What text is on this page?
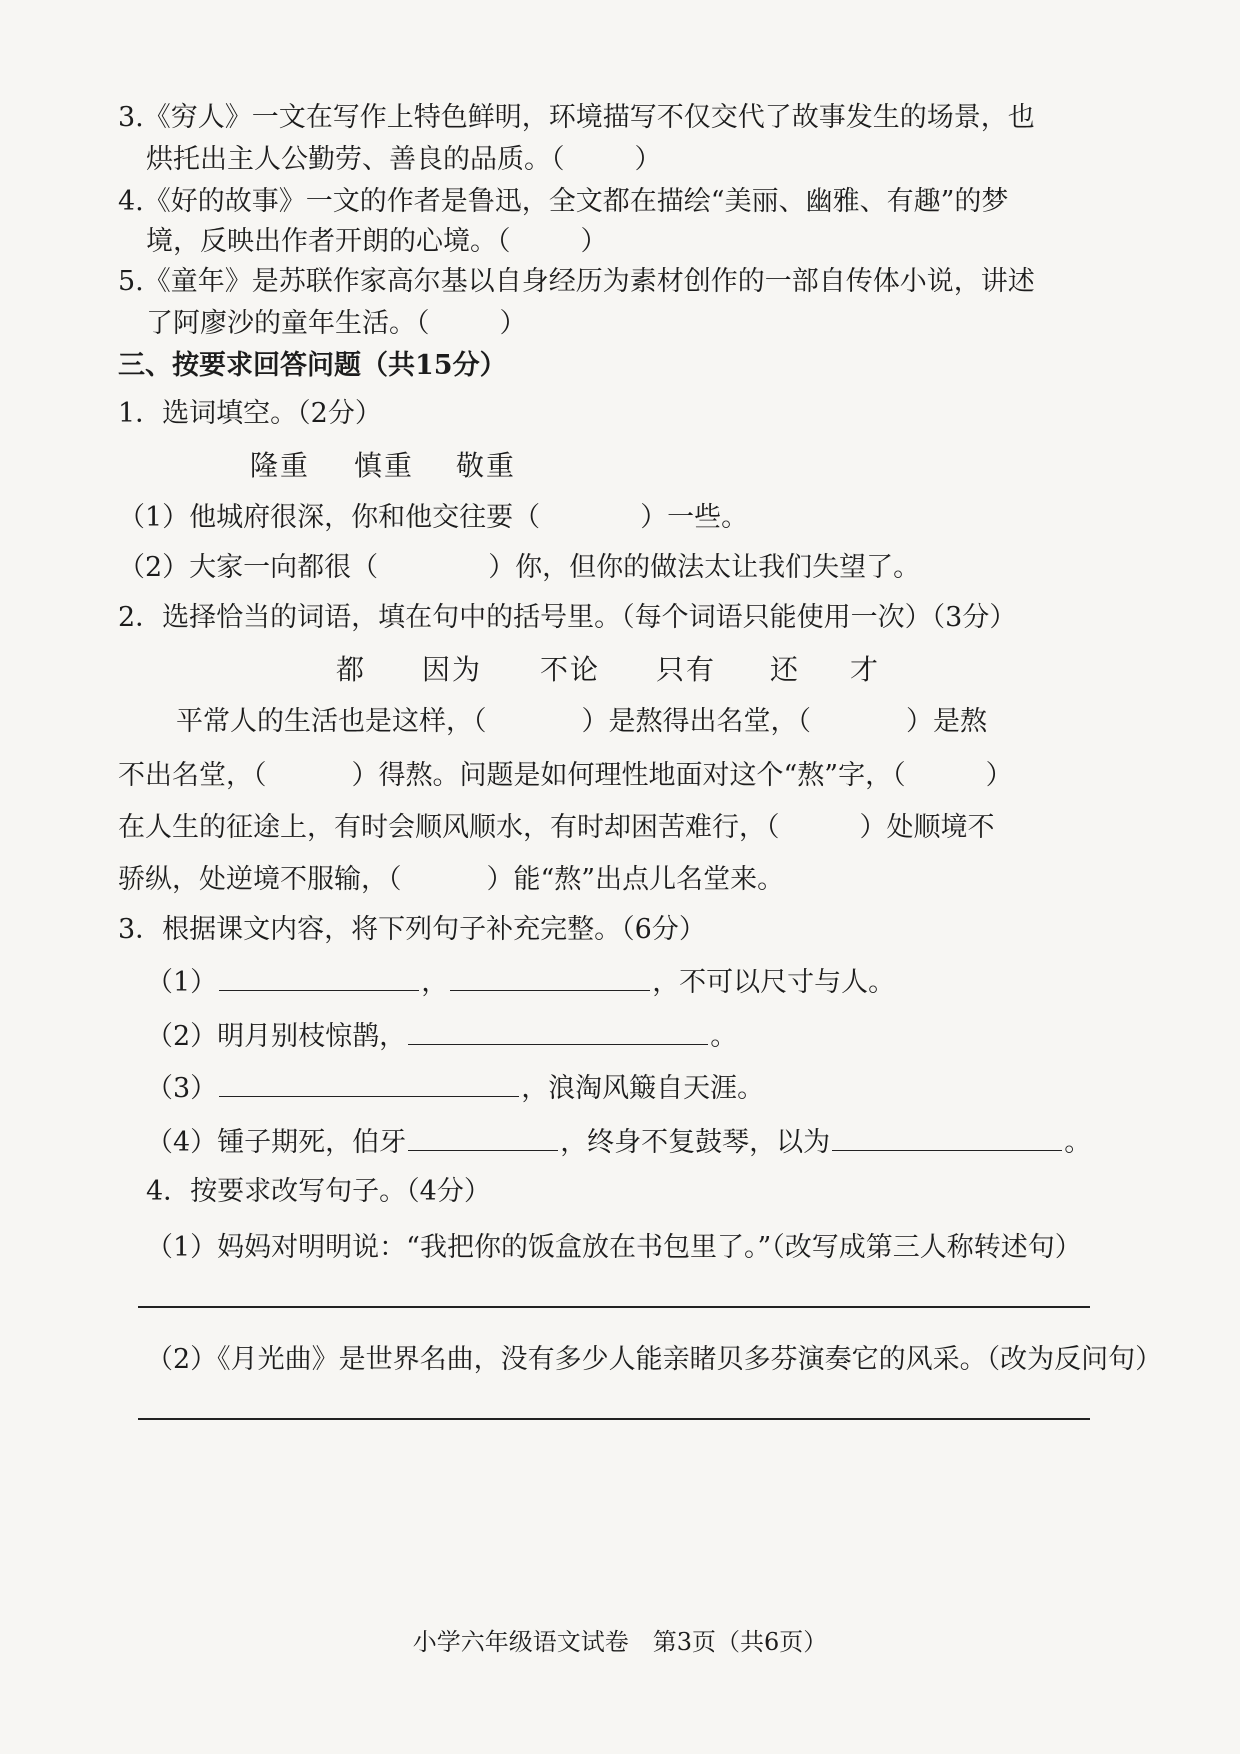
3.《穷人》一文在写作上特色鲜明，环境描写不仅交代了故事发生的场景，也
烘托出主人公勤劳、善良的品质。（	）
4.《好的故事》一文的作者是鲁迅，全文都在描绘“美丽、幽雅、有趣”的梦
境，反映出作者开朗的心境。（	）
5.《童年》是苏联作家高尔基以自身经历为素材创作的一部自传体小说，讲述
了阿廖沙的童年生活。（	）
三、按要求回答问题（共15分）
1．选词填空。（2分）
隆重 慎重 敬重
（1）他城府很深，你和他交往要（	）一些。
（2）大家一向都很（	）你，但你的做法太让我们失望了。
2．选择恰当的词语，填在句中的括号里。（每个词语只能使用一次）（3分）
都 因为 不论 只有 还 才
平常人的生活也是这样，（	）是熬得出名堂，（	）是熬
不出名堂，（	）得熬。问题是如何理性地面对这个“熬”字，（	）
在人生的征途上，有时会顺风顺水，有时却困苦难行，（	）处顺境不
骄纵，处逆境不服输，（	）能“熬”出点儿名堂来。
3．根据课文内容，将下列句子补充完整。（6分）
（1）	，	，不可以尺寸与人。
（2）明月别枝惊鹊，	。
（3）	，浪淘风簸自天涯。
（4）锺子期死，伯牙	，终身不复鼓琴，以为	。
4．按要求改写句子。（4分）
（1）妈妈对明明说：“我把你的饭盒放在书包里了。”（改写成第三人称转述句）
（2）《月光曲》是世界名曲，没有多少人能亲睹贝多芬演奏它的风采。（改为反问句）
小学六年级语文试卷　第3页（共6页）
